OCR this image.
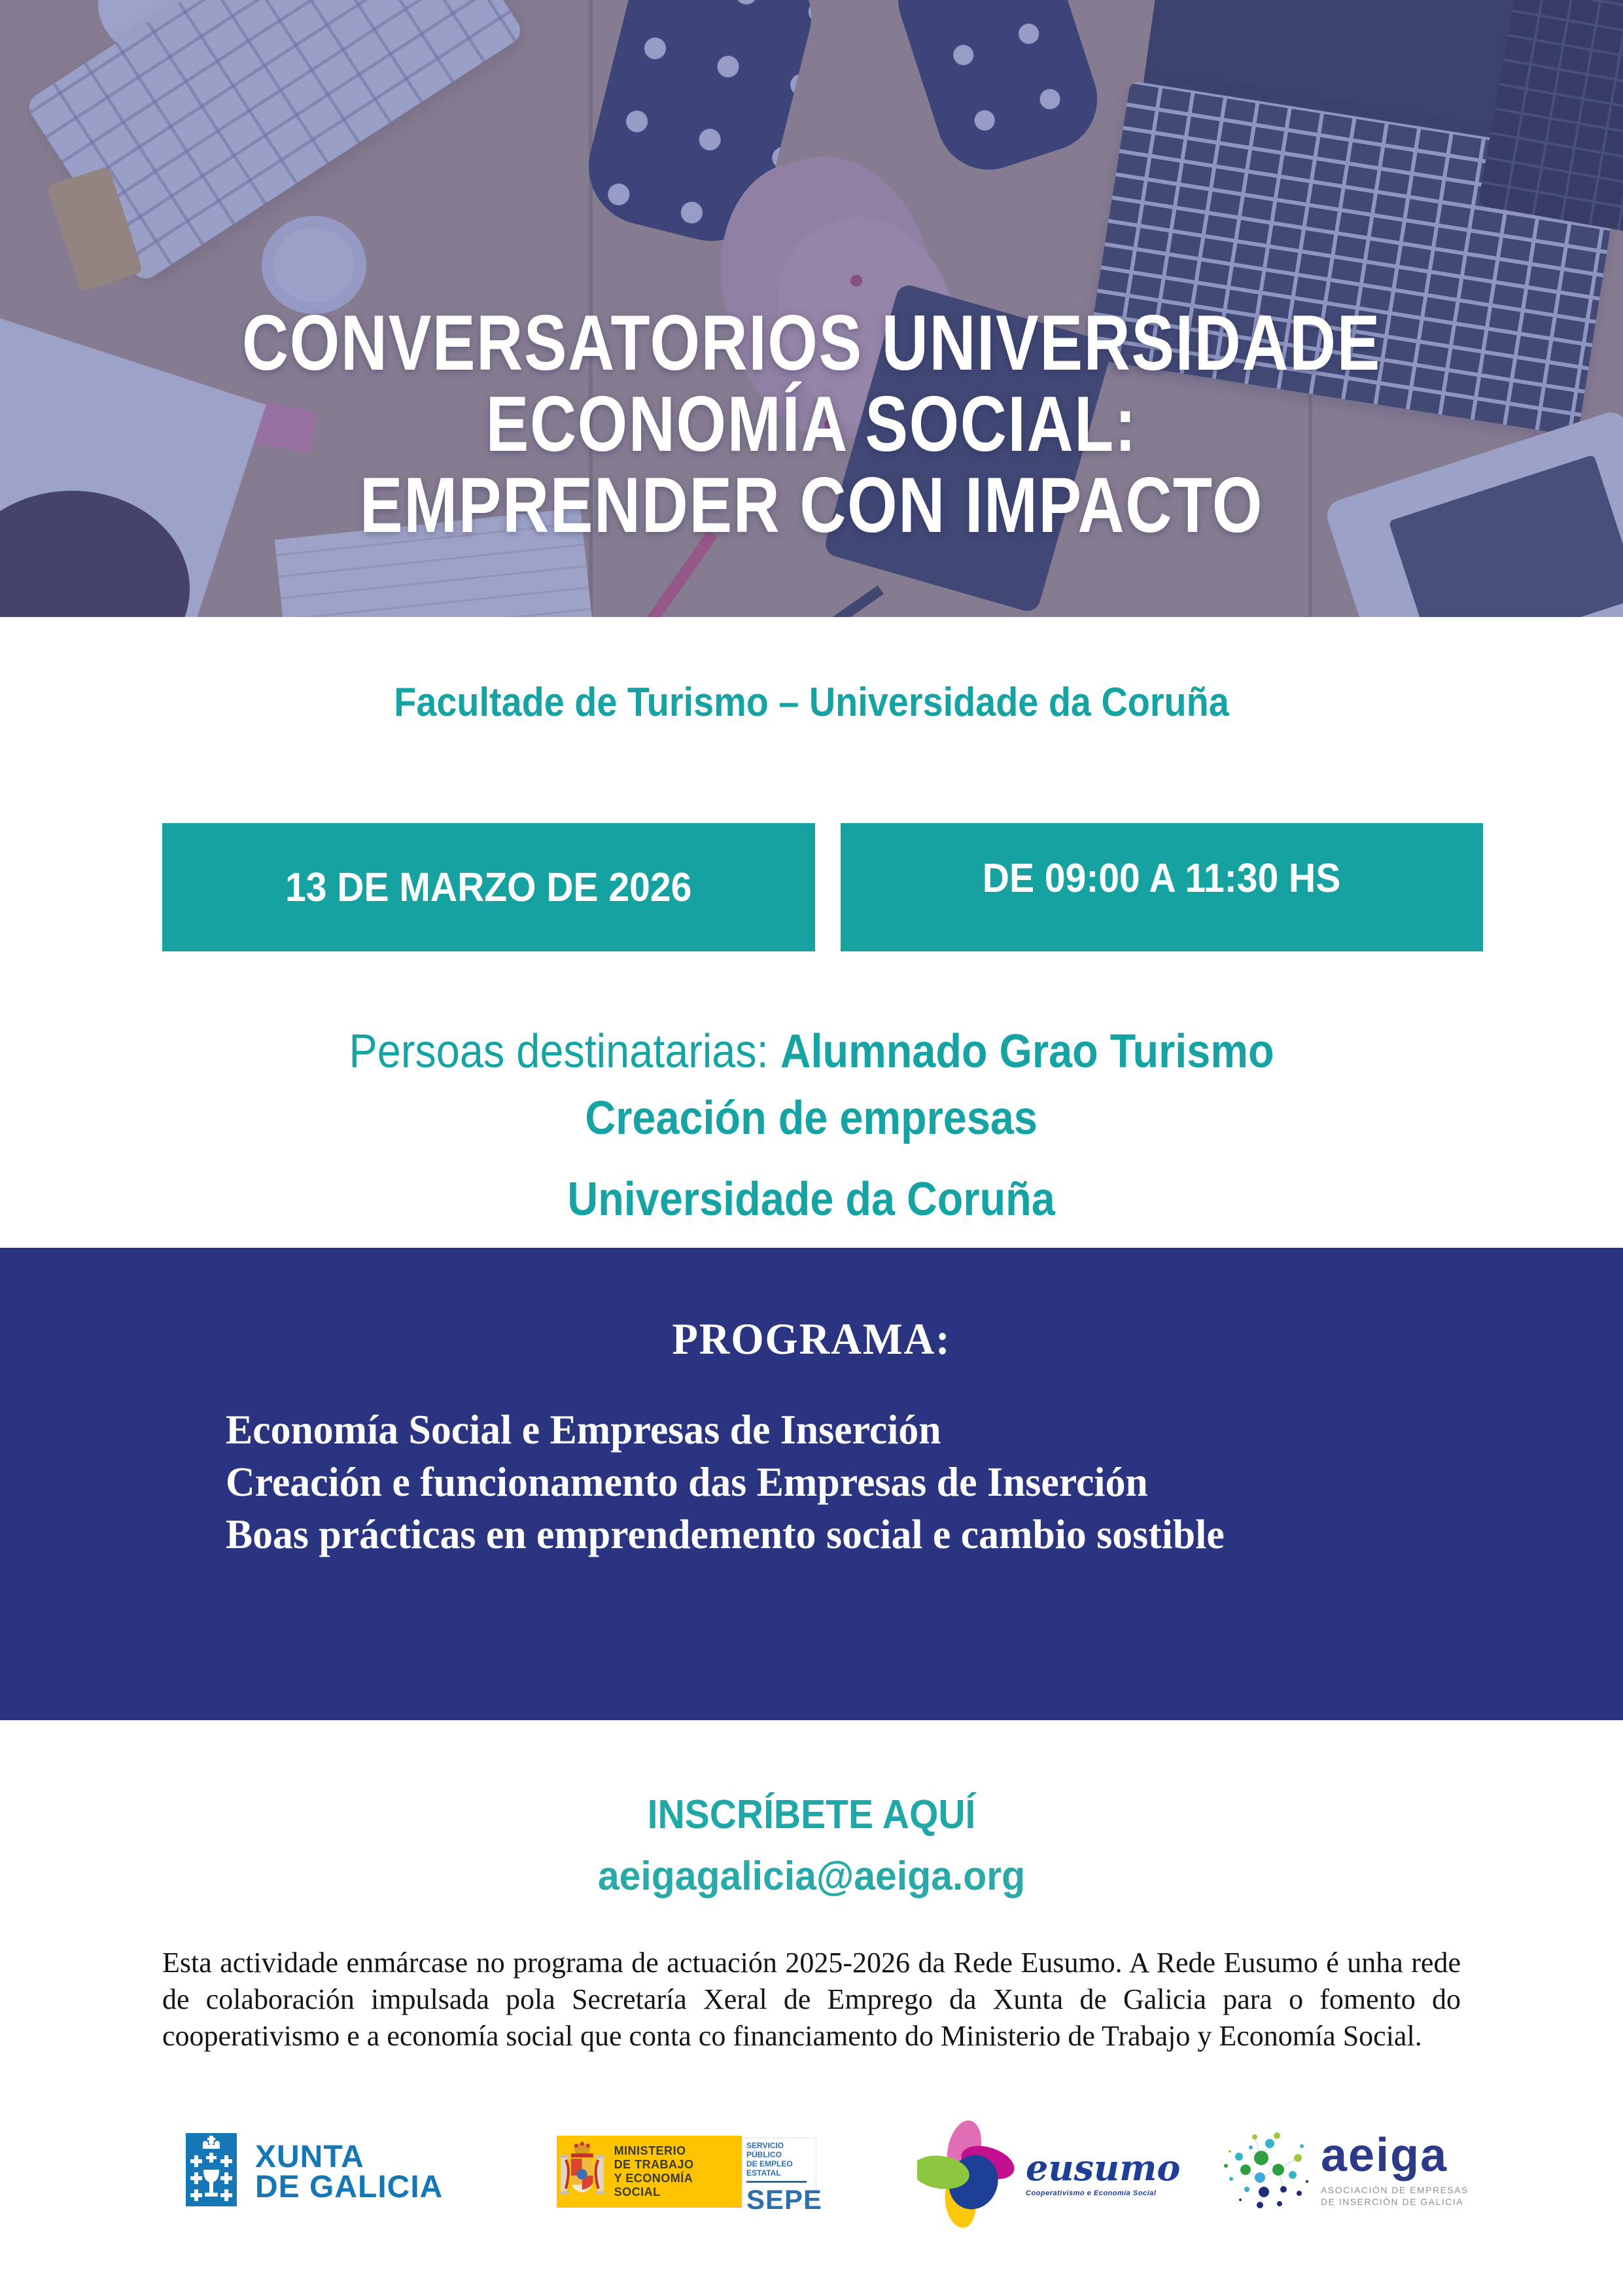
CONVERSATORIOS UNIVERSIDADE
ECONOMÍA SOCIAL:
EMPRENDER CON IMPACTO
Facultade de Turismo – Universidade da Coruña
13 DE MARZO DE 2026	DE 09:00 A 11:30 HS
Persoas destinatarias: Alumnado Grao Turismo
Creación de empresas
Universidade da Coruña
PROGRAMA:
Economía Social e Empresas de Inserción
Creación e funcionamento das Empresas de Inserción
Boas prácticas en emprendemento social e cambio sostible
INSCRÍBETE AQUÍ
aeigagalicia@aeiga.org
Esta actividade enmárcase no programa de actuación 2025-2026 da Rede Eusumo. A Rede Eusumo é unha rede de colaboración impulsada pola Secretaría Xeral de Emprego da Xunta de Galicia para o fomento do cooperativismo e a economía social que conta co financiamento do Ministerio de Trabajo y Economía Social.
XUNTA
DE GALICIA
MINISTERIO
DE TRABAJO
Y ECONOMÍA SOCIAL
SERVICIO PÚBLICO
DE EMPLEO ESTATAL
SEPE
eusumo
Cooperativismo e Economía Social
aeiga
ASOCIACIÓN DE EMPRESAS
DE INSERCIÓN DE GALICIA
